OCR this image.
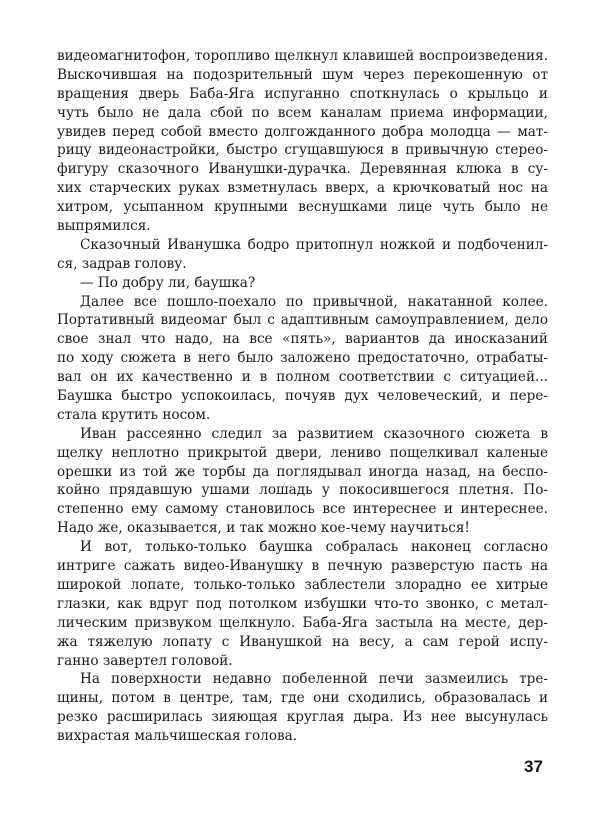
видеомагнитофон, торопливо щелкнул клавишей воспроизведения.
Выскочившая на подозрительный шум через перекошенную от
вращения дверь Баба-Яга испуганно споткнулась о крыльцо и
чуть было не дала сбой по всем каналам приема информации,
увидев перед собой вместо долгожданного добра молодца — мат-
рицу видеонастройки, быстро сгущавшуюся в привычную стерео-
фигуру сказочного Иванушки-дурачка. Деревянная клюка в су-
хих старческих руках взметнулась вверх, а крючковатый нос на
хитром, усыпанном крупными веснушками лице чуть было не
выпрямился.
Сказочный Иванушка бодро притопнул ножкой и подбоченил-
ся, задрав голову.
— По добру ли, баушка?
Далее все пошло-поехало по привычной, накатанной колее.
Портативный видеомаг был с адаптивным самоуправлением, дело
свое знал что надо, на все «пять», вариантов да иносказаний
по ходу сюжета в него было заложено предостаточно, отрабаты-
вал он их качественно и в полном соответствии с ситуацией...
Баушка быстро успокоилась, почуяв дух человеческий, и пере-
стала крутить носом.
Иван рассеянно следил за развитием сказочного сюжета в
щелку неплотно прикрытой двери, лениво пощелкивал каленые
орешки из той же торбы да поглядывал иногда назад, на беспо-
койно прядавшую ушами лошадь у покосившегося плетня. По-
степенно ему самому становилось все интереснее и интереснее.
Надо же, оказывается, и так можно кое-чему научиться!
И вот, только-только баушка собралась наконец согласно
интриге сажать видео-Иванушку в печную разверстую пасть на
широкой лопате, только-только заблестели злорадно ее хитрые
глазки, как вдруг под потолком избушки что-то звонко, с метал-
лическим призвуком щелкнуло. Баба-Яга застыла на месте, дер-
жа тяжелую лопату с Иванушкой на весу, а сам герой испу-
ганно завертел головой.
На поверхности недавно побеленной печи зазмеились тре-
щины, потом в центре, там, где они сходились, образовалась и
резко расширилась зияющая круглая дыра. Из нее высунулась
вихрастая мальчишеская голова.
37
